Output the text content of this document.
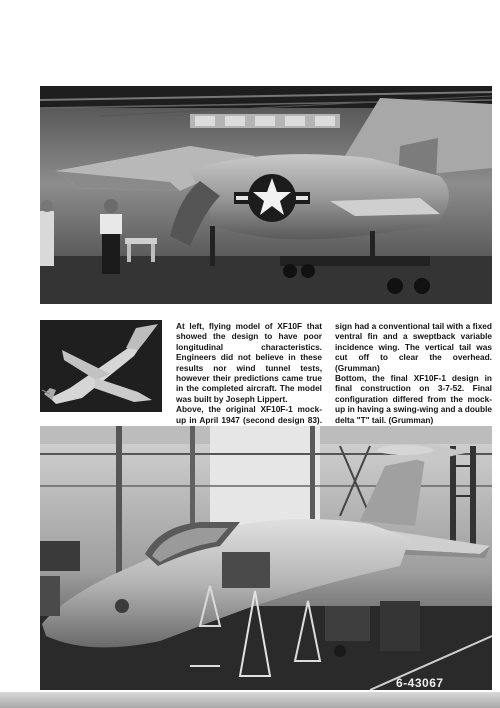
At left, flying model of XF10F that showed the design to have poor longitudinal characteristics. Engineers did not believe in these results nor wind tunnel tests, however their predictions came true in the completed aircraft. The model was built by Joseph Lippert.

Above, the original XF10F-1 mock-up in April 1947 (second design 83).

sign had a conventional tail with a fixed ventral fin and a sweptback variable incidence wing. The vertical tail was cut off to clear the overhead. (Grumman)

Bottom, the final XF10F-1 design in final construction on 3-7-52. Final configuration differed from the mock-up in having a swing-wing and a double delta "T" tail. (Grumman)

6-43067
